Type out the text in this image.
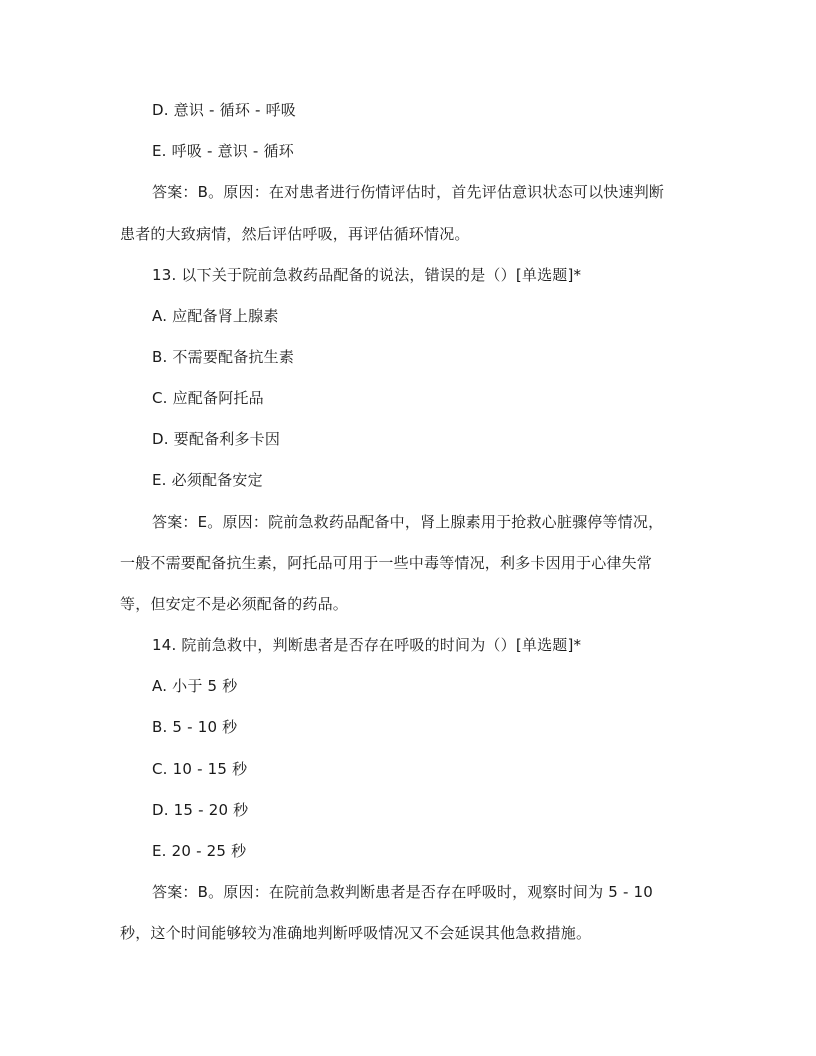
D. 意识 - 循环 - 呼吸
E. 呼吸 - 意识 - 循环
答案：B。原因：在对患者进行伤情评估时，首先评估意识状态可以快速判断
患者的大致病情，然后评估呼吸，再评估循环情况。
13. 以下关于院前急救药品配备的说法，错误的是（）[单选题]*
A. 应配备肾上腺素
B. 不需要配备抗生素
C. 应配备阿托品
D. 要配备利多卡因
E. 必须配备安定
答案：E。原因：院前急救药品配备中，肾上腺素用于抢救心脏骤停等情况，
一般不需要配备抗生素，阿托品可用于一些中毒等情况，利多卡因用于心律失常
等，但安定不是必须配备的药品。
14. 院前急救中，判断患者是否存在呼吸的时间为（）[单选题]*
A. 小于 5 秒
B. 5 - 10 秒
C. 10 - 15 秒
D. 15 - 20 秒
E. 20 - 25 秒
答案：B。原因：在院前急救判断患者是否存在呼吸时，观察时间为 5 - 10
秒，这个时间能够较为准确地判断呼吸情况又不会延误其他急救措施。
